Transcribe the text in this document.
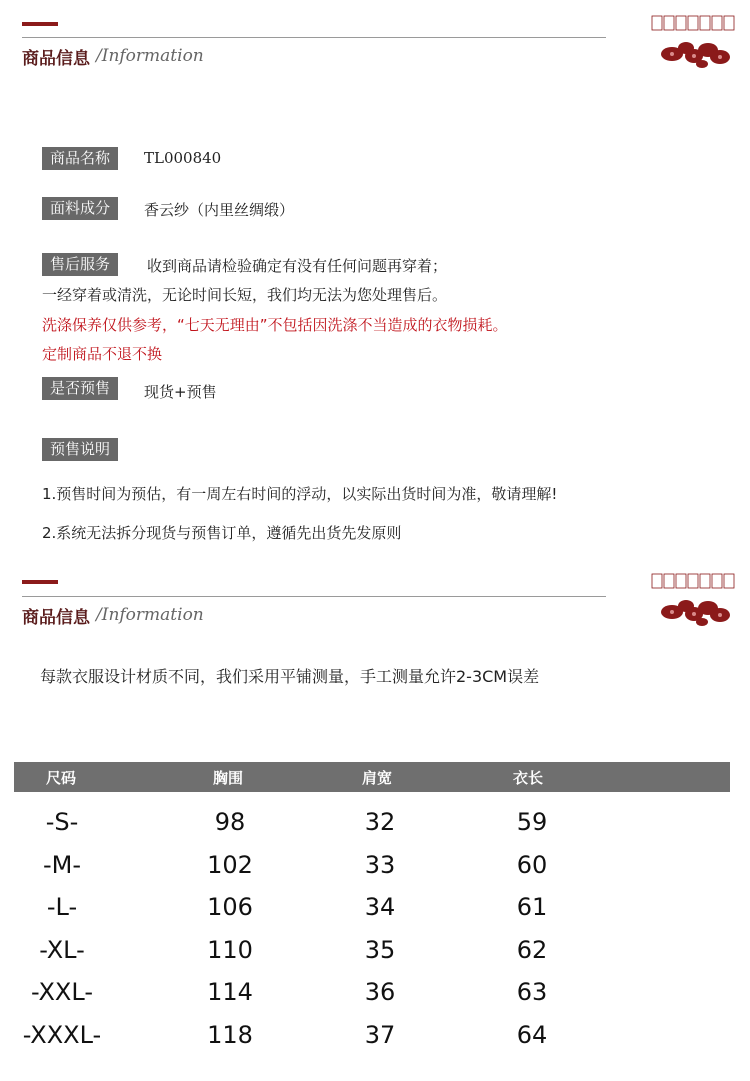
商品信息 /Information
商品名称	TL000840
面料成分	香云纱（内里丝绸缎）
售后服务	收到商品请检验确定有没有任何问题再穿着；
一经穿着或清洗，无论时间长短，我们均无法为您处理售后。
洗涤保养仅供参考，“七天无理由”不包括因洗涤不当造成的衣物损耗。
定制商品不退不换
是否预售	现货+预售
预售说明
1.预售时间为预估，有一周左右时间的浮动，以实际出货时间为准，敬请理解!
2.系统无法拆分现货与预售订单，遵循先出货先发原则
商品信息 /Information
每款衣服设计材质不同，我们采用平铺测量，手工测量允许2-3CM误差
尺码	胸围	肩宽	衣长
-S-	98	32	59
-M-	102	33	60
-L-	106	34	61
-XL-	110	35	62
-XXL-	114	36	63
-XXXL-	118	37	64
